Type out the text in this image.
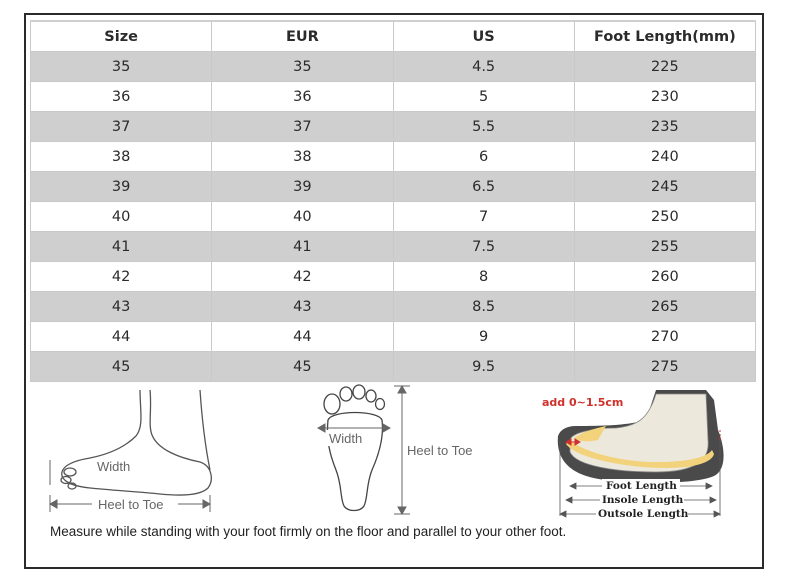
Size	EUR	US	Foot Length(mm)
35	35	4.5	225
36	36	5	230
37	37	5.5	235
38	38	6	240
39	39	6.5	245
40	40	7	250
41	41	7.5	255
42	42	8	260
43	43	8.5	265
44	44	9	270
45	45	9.5	275
Width
Heel to Toe
Width
Heel to Toe
add 0~1.5cm
Foot Length
Insole Length
Outsole Length
Measure while standing with your foot firmly on the floor and parallel to your other foot.
